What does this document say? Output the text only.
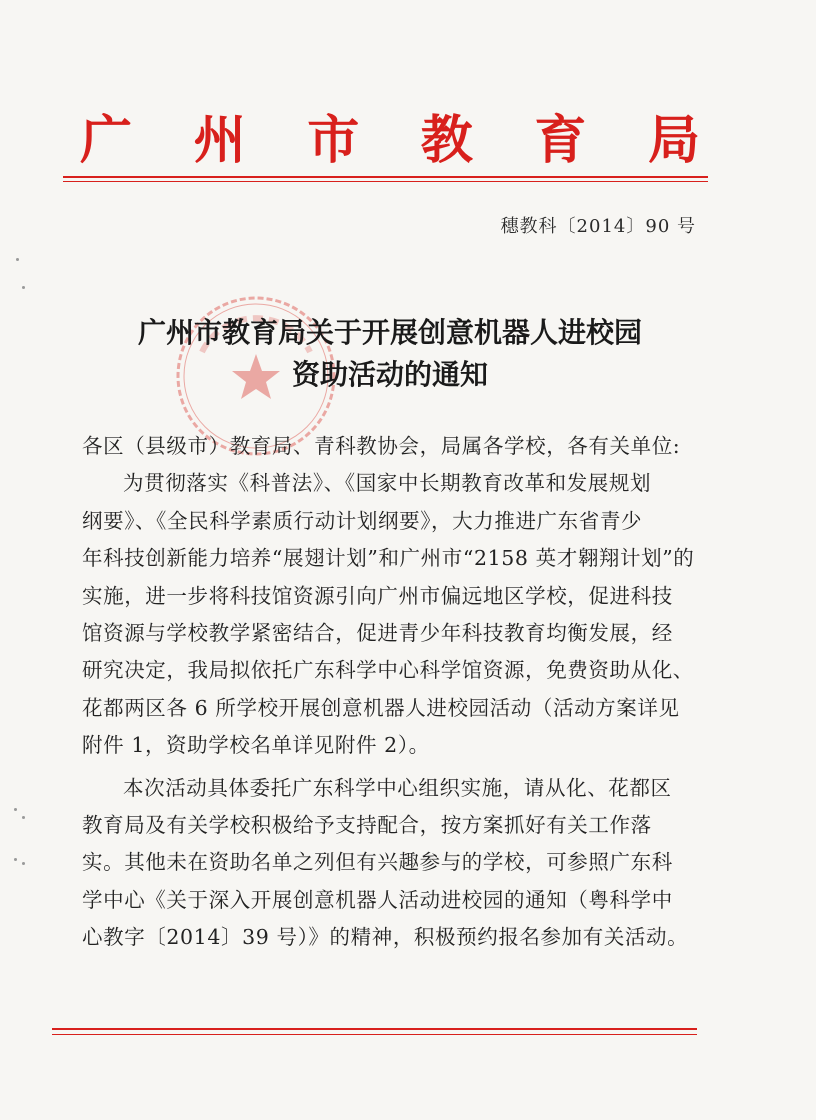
广 州 市 教 育 局
穗教科〔2014〕90 号
广州市教育局关于开展创意机器人进校园
资助活动的通知
各区（县级市）教育局、青科教协会，局属各学校，各有关单位:
为贯彻落实《科普法》、《国家中长期教育改革和发展规划
纲要》、《全民科学素质行动计划纲要》，大力推进广东省青少
年科技创新能力培养“展翅计划”和广州市“2158 英才翱翔计划”的
实施，进一步将科技馆资源引向广州市偏远地区学校，促进科技
馆资源与学校教学紧密结合，促进青少年科技教育均衡发展，经
研究决定，我局拟依托广东科学中心科学馆资源，免费资助从化、
花都两区各 6 所学校开展创意机器人进校园活动（活动方案详见
附件 1，资助学校名单详见附件 2）。
本次活动具体委托广东科学中心组织实施，请从化、花都区
教育局及有关学校积极给予支持配合，按方案抓好有关工作落
实。其他未在资助名单之列但有兴趣参与的学校，可参照广东科
学中心《关于深入开展创意机器人活动进校园的通知（粤科学中
心教字〔2014〕39 号）》的精神，积极预约报名参加有关活动。
